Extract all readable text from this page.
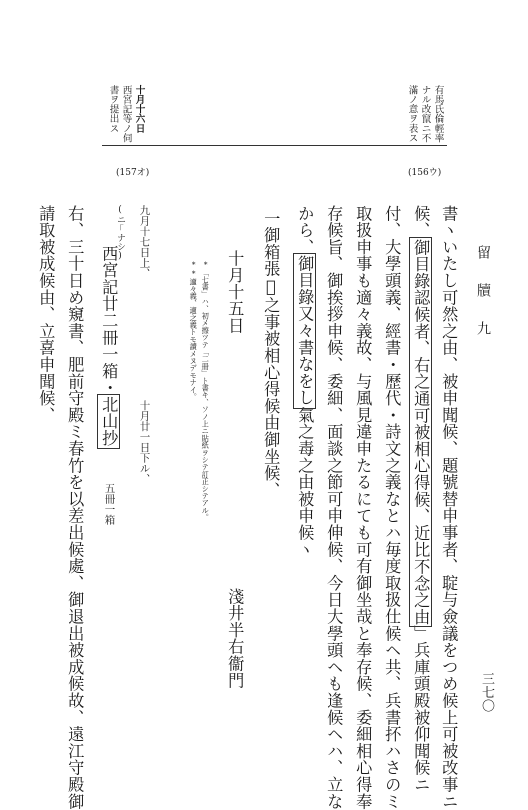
留 牘 九
三七〇
有馬氏倫輕率
ナル改竄ニ不
滿ノ意ヲ表ス
十月十六日
西宮記等ノ伺
書ヲ提出ス
(156ウ)
(157オ)
書ヽいたし可然之由、被申聞候、題號替申事者、聢与僉議をつめ候上可被改事ニ
候、御目錄認候者、右之通可被相心得候、近比不念之由」兵庫頭殿被仰聞候ニ
付、大學頭義、經書・歷代・詩文之義なとハ毎度取扱仕候ヘ共、兵書抔ハさのミ
取扱申事も適々義故、与風見違申たるにても可有御坐哉と奉存候、委細相心得奉
存候旨、御挨拶申候、委細、面談之節可申伸候、今日大學頭ヘも逢候ヘハ、立な
から、御目錄又々書なをし氣之毒之由被申候ヽ
一御箱張𥃥之事被相心得候由御坐候、
十月十五日
*「七書」ハ、初メ擦ツテ「二冊」ト書キ、ソノ上ニ貼紙ヲシテ訂正シテアル。
**適々義、適之義トモ讀メヌデモナイ。
淺井半右衞門
九月十七日上、
十月廿一日下ル、
(ニ｢ナシ)
西宮記廿二冊一箱・北山抄
五冊一箱
右、三十日め窺書、肥前守殿ミ春竹を以差出候處、御退出被成候故、遠江守殿御
請取被成候由、立喜申聞候、
